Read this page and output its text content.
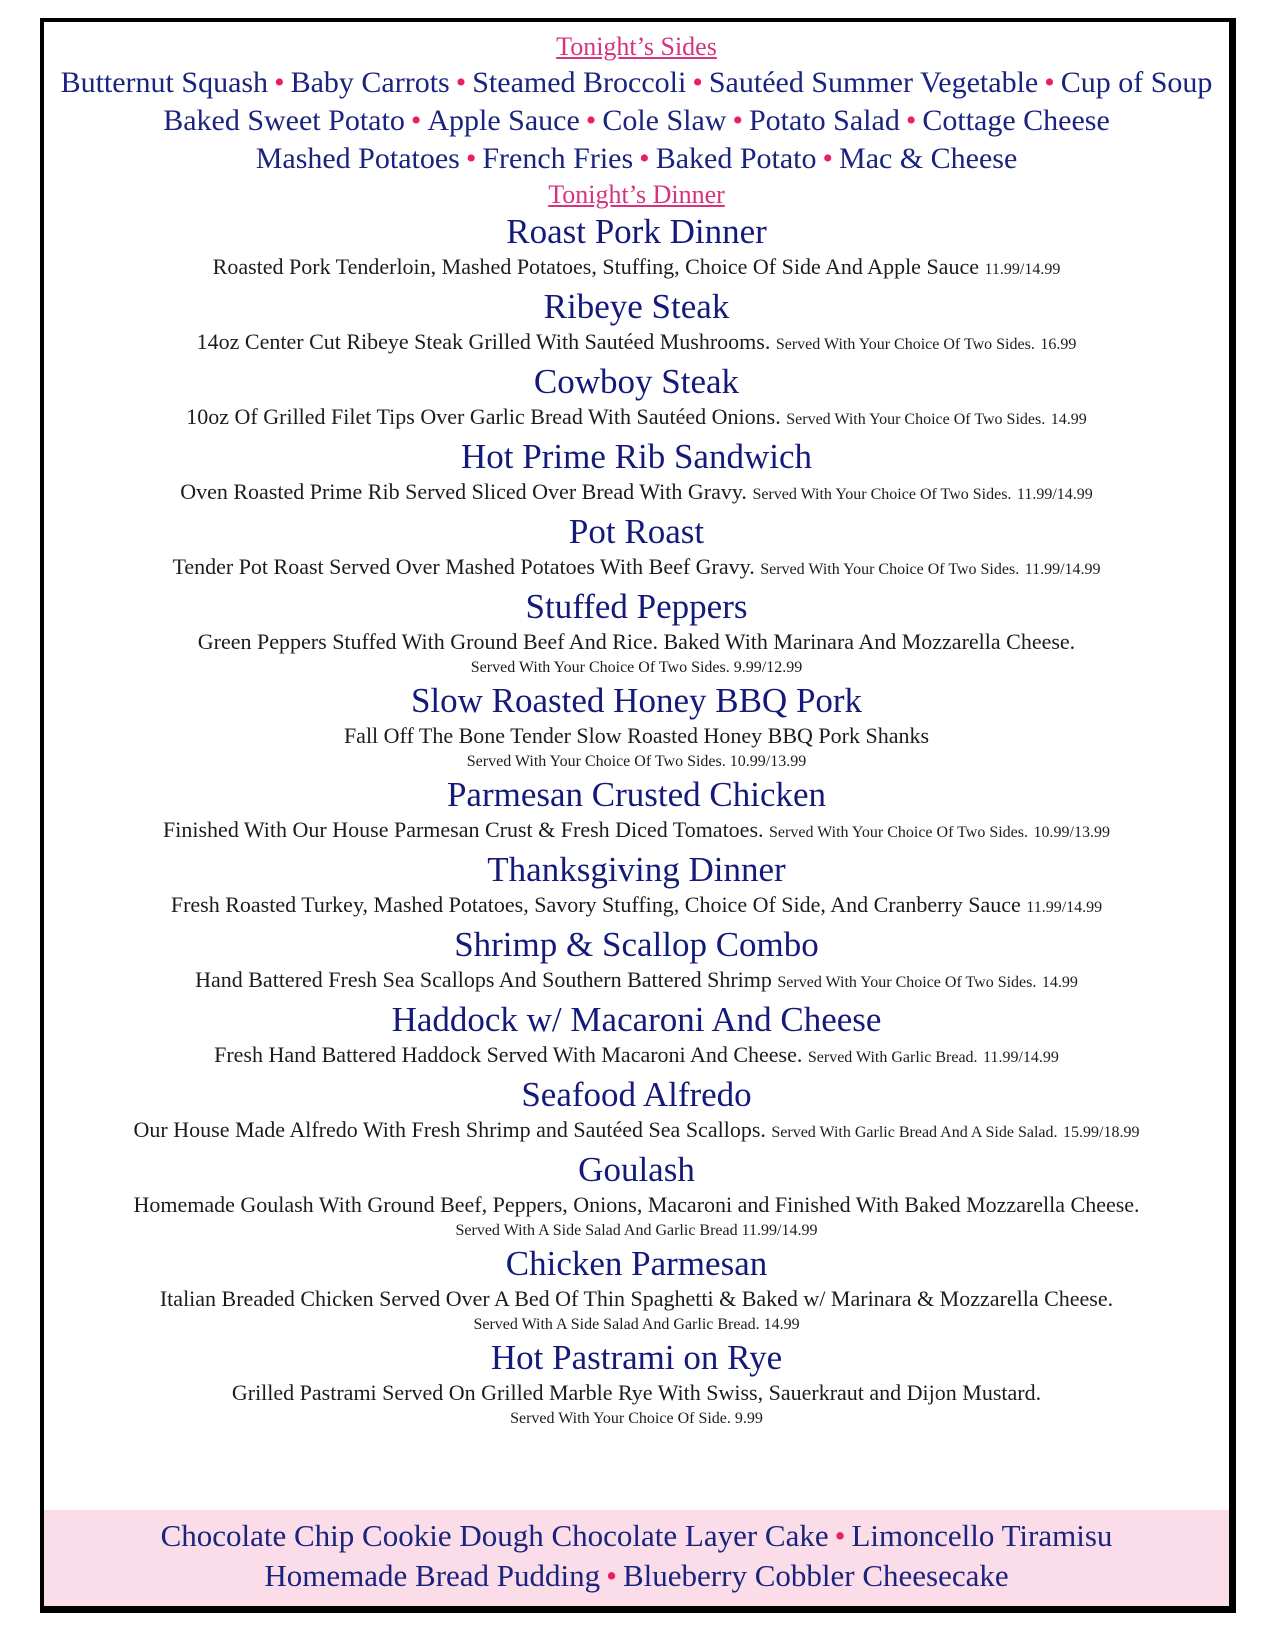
Tonight’s Sides
Butternut Squash • Baby Carrots • Steamed Broccoli • Sautéed Summer Vegetable • Cup of Soup
Baked Sweet Potato • Apple Sauce • Cole Slaw • Potato Salad • Cottage Cheese
Mashed Potatoes • French Fries • Baked Potato • Mac & Cheese
Tonight’s Dinner
Roast Pork Dinner
Roasted Pork Tenderloin, Mashed Potatoes, Stuffing, Choice Of Side And Apple Sauce 11.99/14.99
Ribeye Steak
14oz Center Cut Ribeye Steak Grilled With Sautéed Mushrooms. Served With Your Choice Of Two Sides. 16.99
Cowboy Steak
10oz Of Grilled Filet Tips Over Garlic Bread With Sautéed Onions. Served With Your Choice Of Two Sides. 14.99
Hot Prime Rib Sandwich
Oven Roasted Prime Rib Served Sliced Over Bread With Gravy. Served With Your Choice Of Two Sides. 11.99/14.99
Pot Roast
Tender Pot Roast Served Over Mashed Potatoes With Beef Gravy. Served With Your Choice Of Two Sides. 11.99/14.99
Stuffed Peppers
Green Peppers Stuffed With Ground Beef And Rice. Baked With Marinara And Mozzarella Cheese.
Served With Your Choice Of Two Sides. 9.99/12.99
Slow Roasted Honey BBQ Pork
Fall Off The Bone Tender Slow Roasted Honey BBQ Pork Shanks
Served With Your Choice Of Two Sides. 10.99/13.99
Parmesan Crusted Chicken
Finished With Our House Parmesan Crust & Fresh Diced Tomatoes. Served With Your Choice Of Two Sides. 10.99/13.99
Thanksgiving Dinner
Fresh Roasted Turkey, Mashed Potatoes, Savory Stuffing, Choice Of Side, And Cranberry Sauce 11.99/14.99
Shrimp & Scallop Combo
Hand Battered Fresh Sea Scallops And Southern Battered Shrimp Served With Your Choice Of Two Sides. 14.99
Haddock w/ Macaroni And Cheese
Fresh Hand Battered Haddock Served With Macaroni And Cheese. Served With Garlic Bread. 11.99/14.99
Seafood Alfredo
Our House Made Alfredo With Fresh Shrimp and Sautéed Sea Scallops. Served With Garlic Bread And A Side Salad. 15.99/18.99
Goulash
Homemade Goulash With Ground Beef, Peppers, Onions, Macaroni and Finished With Baked Mozzarella Cheese.
Served With A Side Salad And Garlic Bread 11.99/14.99
Chicken Parmesan
Italian Breaded Chicken Served Over A Bed Of Thin Spaghetti & Baked w/ Marinara & Mozzarella Cheese.
Served With A Side Salad And Garlic Bread. 14.99
Hot Pastrami on Rye
Grilled Pastrami Served On Grilled Marble Rye With Swiss, Sauerkraut and Dijon Mustard.
Served With Your Choice Of Side. 9.99
Chocolate Chip Cookie Dough Chocolate Layer Cake • Limoncello Tiramisu
Homemade Bread Pudding • Blueberry Cobbler Cheesecake
